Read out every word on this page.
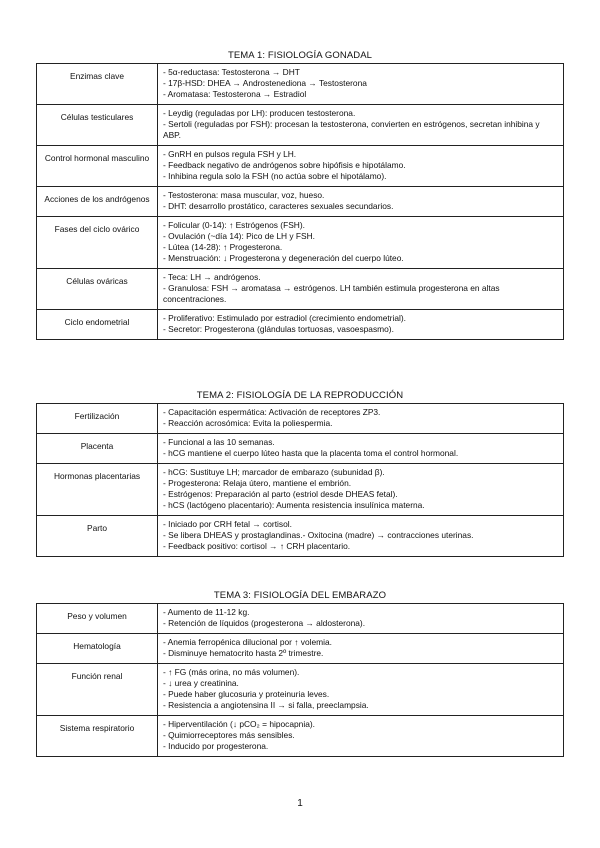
TEMA 1: FISIOLOGÍA GONADAL
Enzimas clave	- 5α-reductasa: Testosterona → DHT
- 17β-HSD: DHEA → Androstenediona → Testosterona
- Aromatasa: Testosterona → Estradiol

Células testiculares	- Leydig (reguladas por LH): producen testosterona.
- Sertoli (reguladas por FSH): procesan la testosterona, convierten en estrógenos, secretan inhibina y ABP.

Control hormonal masculino	- GnRH en pulsos regula FSH y LH.
- Feedback negativo de andrógenos sobre hipófisis e hipotálamo.
- Inhibina regula solo la FSH (no actúa sobre el hipotálamo).

Acciones de los andrógenos	- Testosterona: masa muscular, voz, hueso.
- DHT: desarrollo prostático, caracteres sexuales secundarios.

Fases del ciclo ovárico	- Folicular (0-14): ↑ Estrógenos (FSH).
- Ovulación (~día 14): Pico de LH y FSH.
- Lútea (14-28): ↑ Progesterona.
- Menstruación: ↓ Progesterona y degeneración del cuerpo lúteo.

Células ováricas	- Teca: LH → andrógenos.
- Granulosa: FSH → aromatasa → estrógenos. LH también estimula progesterona en altas concentraciones.

Ciclo endometrial	- Proliferativo: Estimulado por estradiol (crecimiento endometrial).
- Secretor: Progesterona (glándulas tortuosas, vasoespasmo).
TEMA 2: FISIOLOGÍA DE LA REPRODUCCIÓN
Fertilización	- Capacitación espermática: Activación de receptores ZP3.
- Reacción acrosómica: Evita la poliespermia.

Placenta	- Funcional a las 10 semanas.
- hCG mantiene el cuerpo lúteo hasta que la placenta toma el control hormonal.

Hormonas placentarias	- hCG: Sustituye LH; marcador de embarazo (subunidad β).
- Progesterona: Relaja útero, mantiene el embrión.
- Estrógenos: Preparación al parto (estriol desde DHEAS fetal).
- hCS (lactógeno placentario): Aumenta resistencia insulínica materna.

Parto	- Iniciado por CRH fetal → cortisol.
- Se libera DHEAS y prostaglandinas.- Oxitocina (madre) → contracciones uterinas.
- Feedback positivo: cortisol → ↑ CRH placentario.
TEMA 3: FISIOLOGÍA DEL EMBARAZO
Peso y volumen	- Aumento de 11-12 kg.
- Retención de líquidos (progesterona → aldosterona).

Hematología	- Anemia ferropénica dilucional por ↑ volemia.
- Disminuye hematocrito hasta 2º trimestre.

Función renal	- ↑ FG (más orina, no más volumen).
- ↓ urea y creatinina.
- Puede haber glucosuria y proteinuria leves.
- Resistencia a angiotensina II → si falla, preeclampsia.

Sistema respiratorio	- Hiperventilación (↓ pCO₂ = hipocapnia).
- Quimiorreceptores más sensibles.
- Inducido por progesterona.
1
